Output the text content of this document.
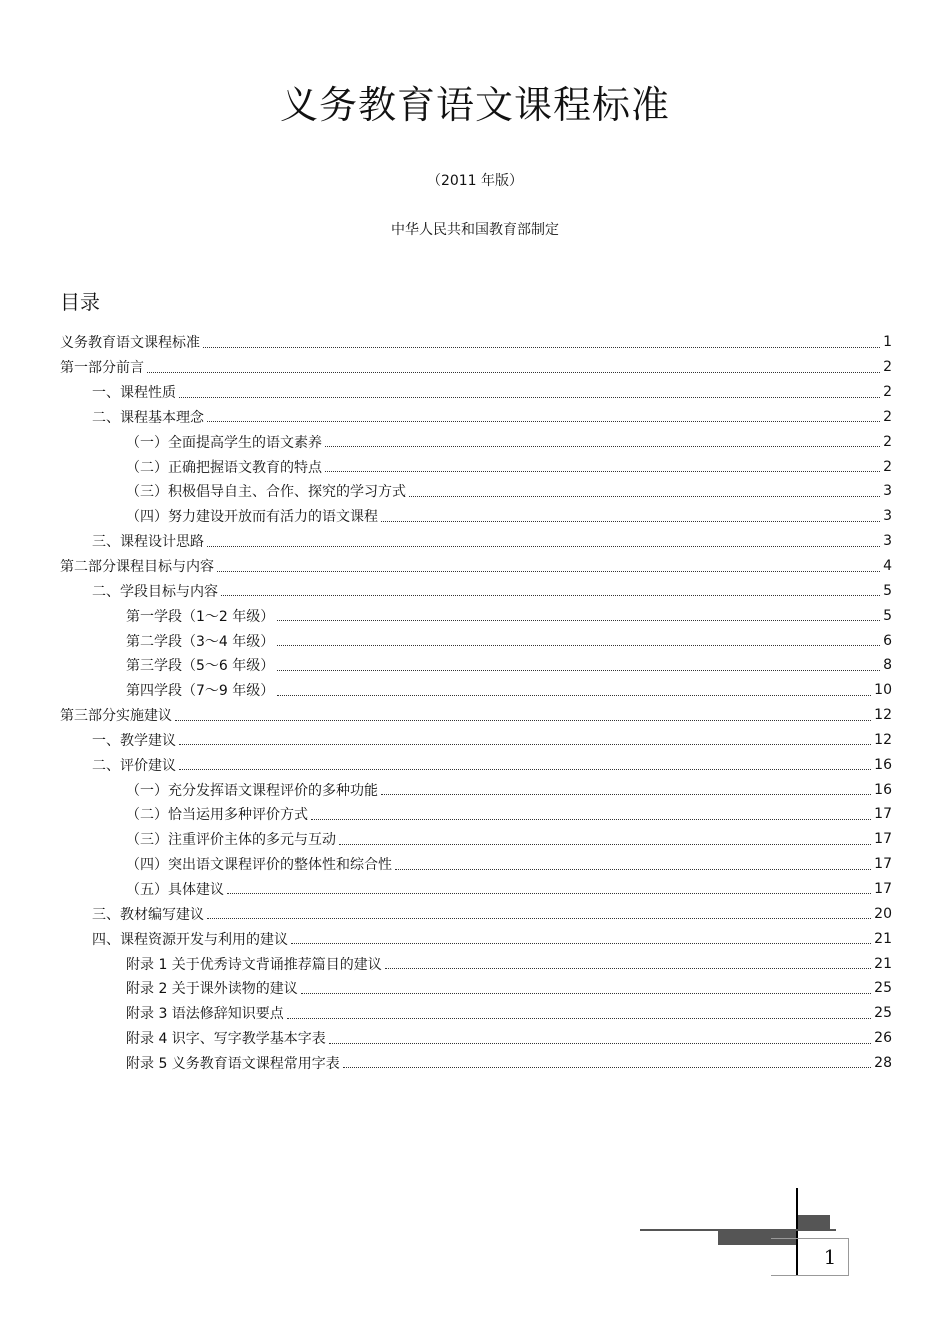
义务教育语文课程标准
（2011 年版）
中华人民共和国教育部制定
目录
义务教育语文课程标准	1
第一部分前言	2
一、课程性质	2
二、课程基本理念	2
（一）全面提高学生的语文素养	2
（二）正确把握语文教育的特点	2
（三）积极倡导自主、合作、探究的学习方式	3
（四）努力建设开放而有活力的语文课程	3
三、课程设计思路	3
第二部分课程目标与内容	4
二、学段目标与内容	5
第一学段（1～2 年级）	5
第二学段（3～4 年级）	6
第三学段（5～6 年级）	8
第四学段（7～9 年级）	10
第三部分实施建议	12
一、教学建议	12
二、评价建议	16
（一）充分发挥语文课程评价的多种功能	16
（二）恰当运用多种评价方式	17
（三）注重评价主体的多元与互动	17
（四）突出语文课程评价的整体性和综合性	17
（五）具体建议	17
三、教材编写建议	20
四、课程资源开发与利用的建议	21
附录 1 关于优秀诗文背诵推荐篇目的建议	21
附录 2 关于课外读物的建议	25
附录 3 语法修辞知识要点	25
附录 4 识字、写字教学基本字表	26
附录 5 义务教育语文课程常用字表	28
1
